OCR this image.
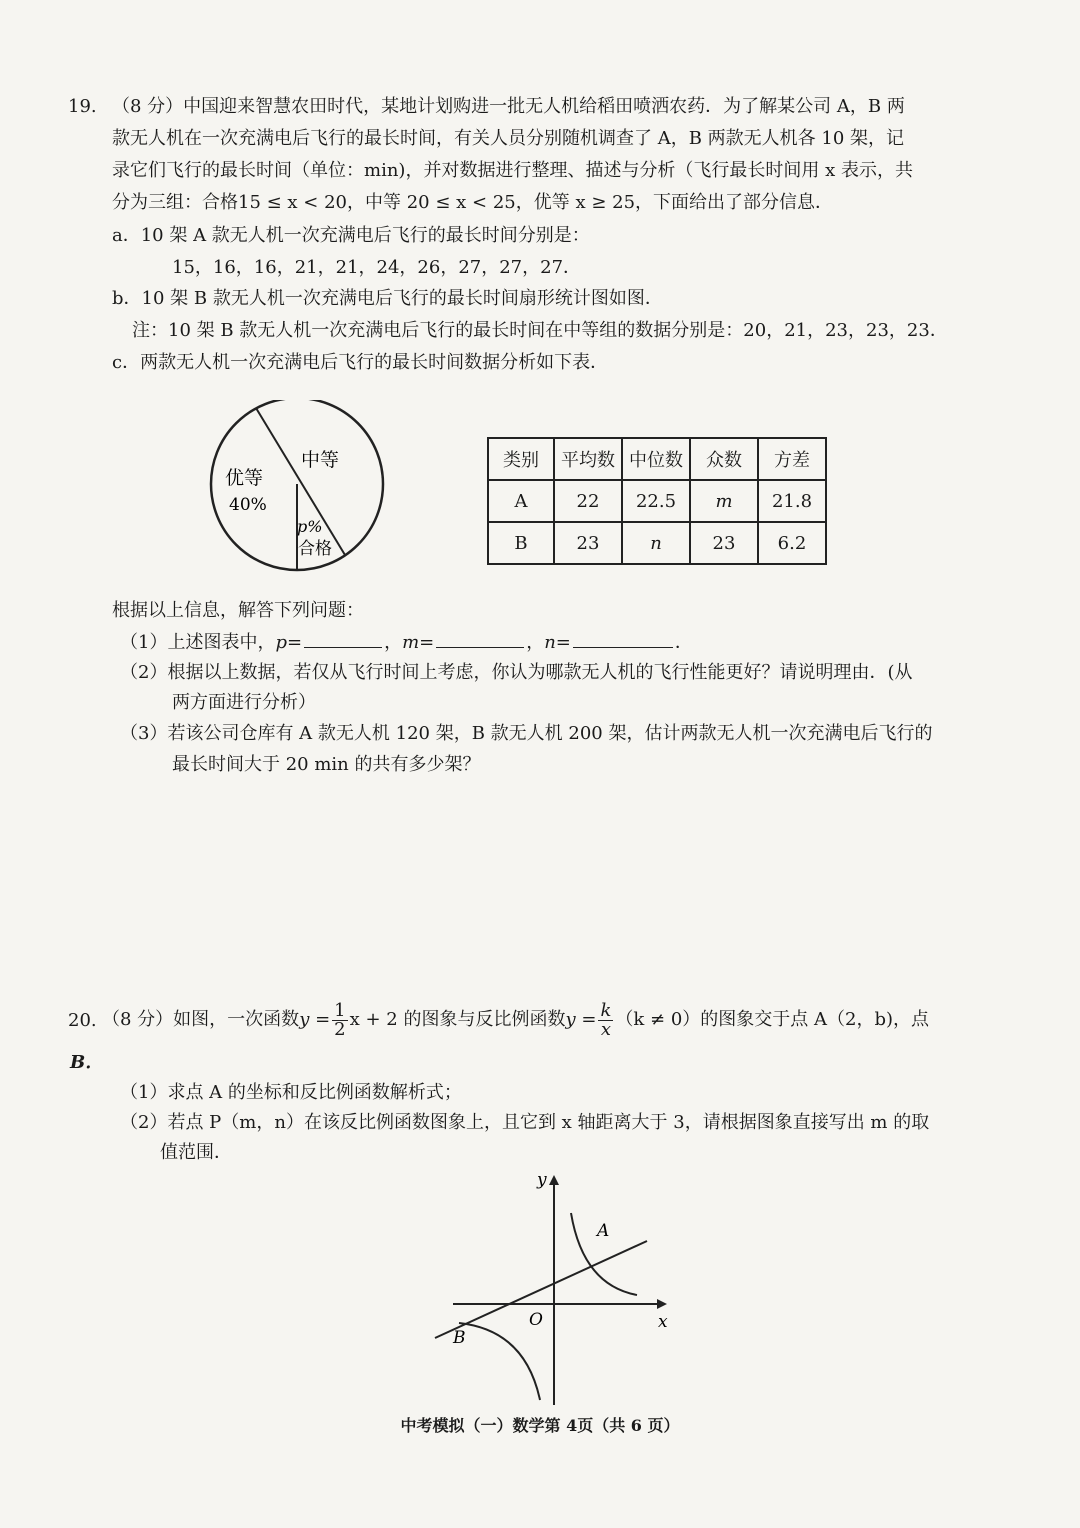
19. （8 分）中国迎来智慧农田时代，某地计划购进一批无人机给稻田喷洒农药．为了解某公司 A，B 两
款无人机在一次充满电后飞行的最长时间，有关人员分别随机调查了 A，B 两款无人机各 10 架，记
录它们飞行的最长时间（单位：min)，并对数据进行整理、描述与分析（飞行最长时间用 x 表示，共
分为三组：合格15 ≤ x < 20，中等 20 ≤ x < 25，优等 x ≥ 25，下面给出了部分信息．
a．10 架 A 款无人机一次充满电后飞行的最长时间分别是：
15，16，16，21，21，24，26，27，27，27．
b．10 架 B 款无人机一次充满电后飞行的最长时间扇形统计图如图．
注：10 架 B 款无人机一次充满电后飞行的最长时间在中等组的数据分别是：20，21，23，23，23．
c．两款无人机一次充满电后飞行的最长时间数据分析如下表．
中等
优等
40%
p%
合格
类别	平均数	中位数	众数	方差
A	22	22.5	m	21.8
B	23	n	23	6.2
根据以上信息，解答下列问题：
（1）上述图表中，p=	，m=	，n=	．
（2）根据以上数据，若仅从飞行时间上考虑，你认为哪款无人机的飞行性能更好？请说明理由．(从
两方面进行分析）
（3）若该公司仓库有 A 款无人机 120 架，B 款无人机 200 架，估计两款无人机一次充满电后飞行的
最长时间大于 20 min 的共有多少架？
20. （8 分）如图，一次函数$y = \frac{1}{2}$ x + 2 的图象与反比例函数$y = \frac{k}{x} (k \ne 0)$的图象交于点 A（2，b)，点
B．
（1）求点 A 的坐标和反比例函数解析式；
（2）若点 P（m，n）在该反比例函数图象上，且它到 x 轴距离大于 3，请根据图象直接写出 m 的取
值范围．
y
x
O
A
B
中考模拟（一）数学第 4页（共 6 页）
